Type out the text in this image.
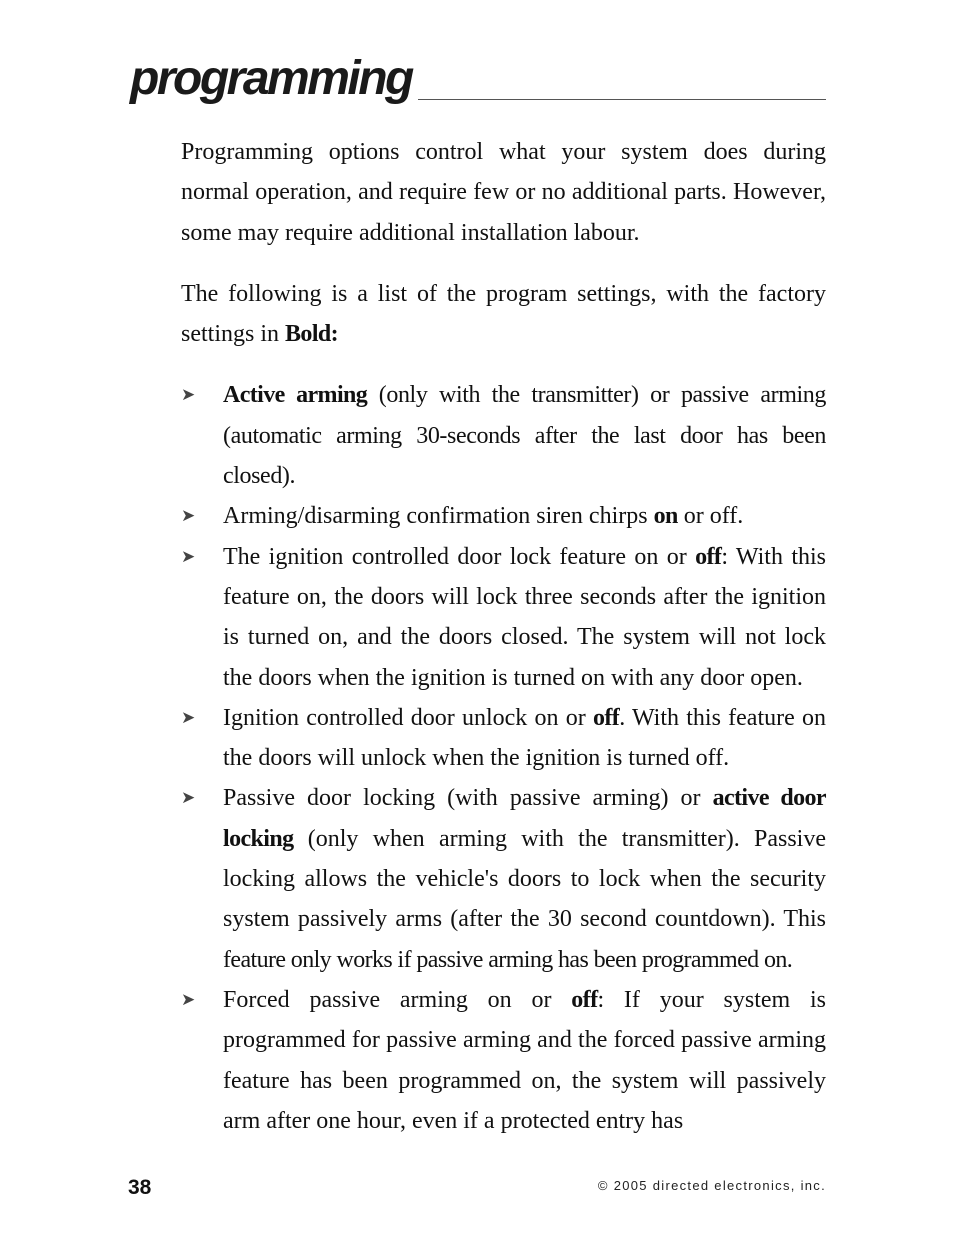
programming

Programming options control what your system does during normal operation, and require few or no additional parts. However, some may require additional installation labour.

The following is a list of the program settings, with the factory settings in Bold:

➤ Active arming (only with the transmitter) or passive arming (automatic arming 30-seconds after the last door has been closed).
➤ Arming/disarming confirmation siren chirps on or off.
➤ The ignition controlled door lock feature on or off: With this feature on, the doors will lock three seconds after the ignition is turned on, and the doors closed. The system will not lock the doors when the ignition is turned on with any door open.
➤ Ignition controlled door unlock on or off. With this feature on the doors will unlock when the ignition is turned off.
➤ Passive door locking (with passive arming) or active door locking (only when arming with the transmitter). Passive locking allows the vehicle's doors to lock when the security system passively arms (after the 30 second countdown). This feature only works if passive arming has been programmed on.
➤ Forced passive arming on or off: If your system is programmed for passive arming and the forced passive arming feature has been programmed on, the system will passively arm after one hour, even if a protected entry has
38	© 2005 directed electronics, inc.
